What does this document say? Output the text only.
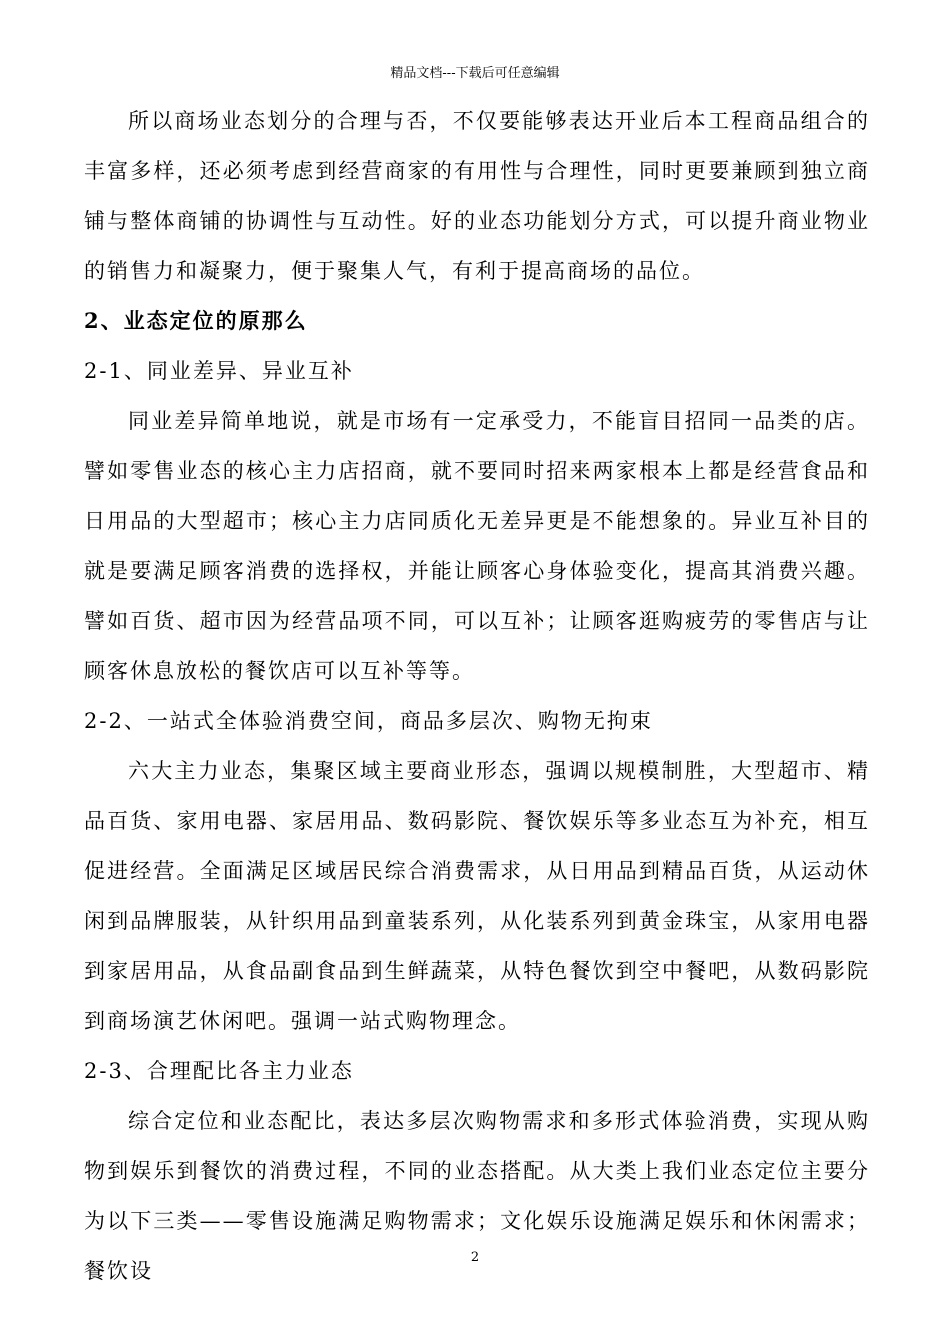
精品文档---下载后可任意编辑

所以商场业态划分的合理与否，不仅要能够表达开业后本工程商品组合的丰富多样，还必须考虑到经营商家的有用性与合理性，同时更要兼顾到独立商铺与整体商铺的协调性与互动性。好的业态功能划分方式，可以提升商业物业的销售力和凝聚力，便于聚集人气，有利于提高商场的品位。

2、业态定位的原那么

2-1、同业差异、异业互补

同业差异简单地说，就是市场有一定承受力，不能盲目招同一品类的店。譬如零售业态的核心主力店招商，就不要同时招来两家根本上都是经营食品和日用品的大型超市；核心主力店同质化无差异更是不能想象的。异业互补目的就是要满足顾客消费的选择权，并能让顾客心身体验变化，提高其消费兴趣。譬如百货、超市因为经营品项不同，可以互补；让顾客逛购疲劳的零售店与让顾客休息放松的餐饮店可以互补等等。

2-2、一站式全体验消费空间，商品多层次、购物无拘束

六大主力业态，集聚区域主要商业形态，强调以规模制胜，大型超市、精品百货、家用电器、家居用品、数码影院、餐饮娱乐等多业态互为补充，相互促进经营。全面满足区域居民综合消费需求，从日用品到精品百货，从运动休闲到品牌服装，从针织用品到童装系列，从化装系列到黄金珠宝，从家用电器到家居用品，从食品副食品到生鲜蔬菜，从特色餐饮到空中餐吧，从数码影院到商场演艺休闲吧。强调一站式购物理念。

2-3、合理配比各主力业态

综合定位和业态配比，表达多层次购物需求和多形式体验消费，实现从购物到娱乐到餐饮的消费过程，不同的业态搭配。从大类上我们业态定位主要分为以下三类——零售设施满足购物需求；文化娱乐设施满足娱乐和休闲需求；餐饮设

2
